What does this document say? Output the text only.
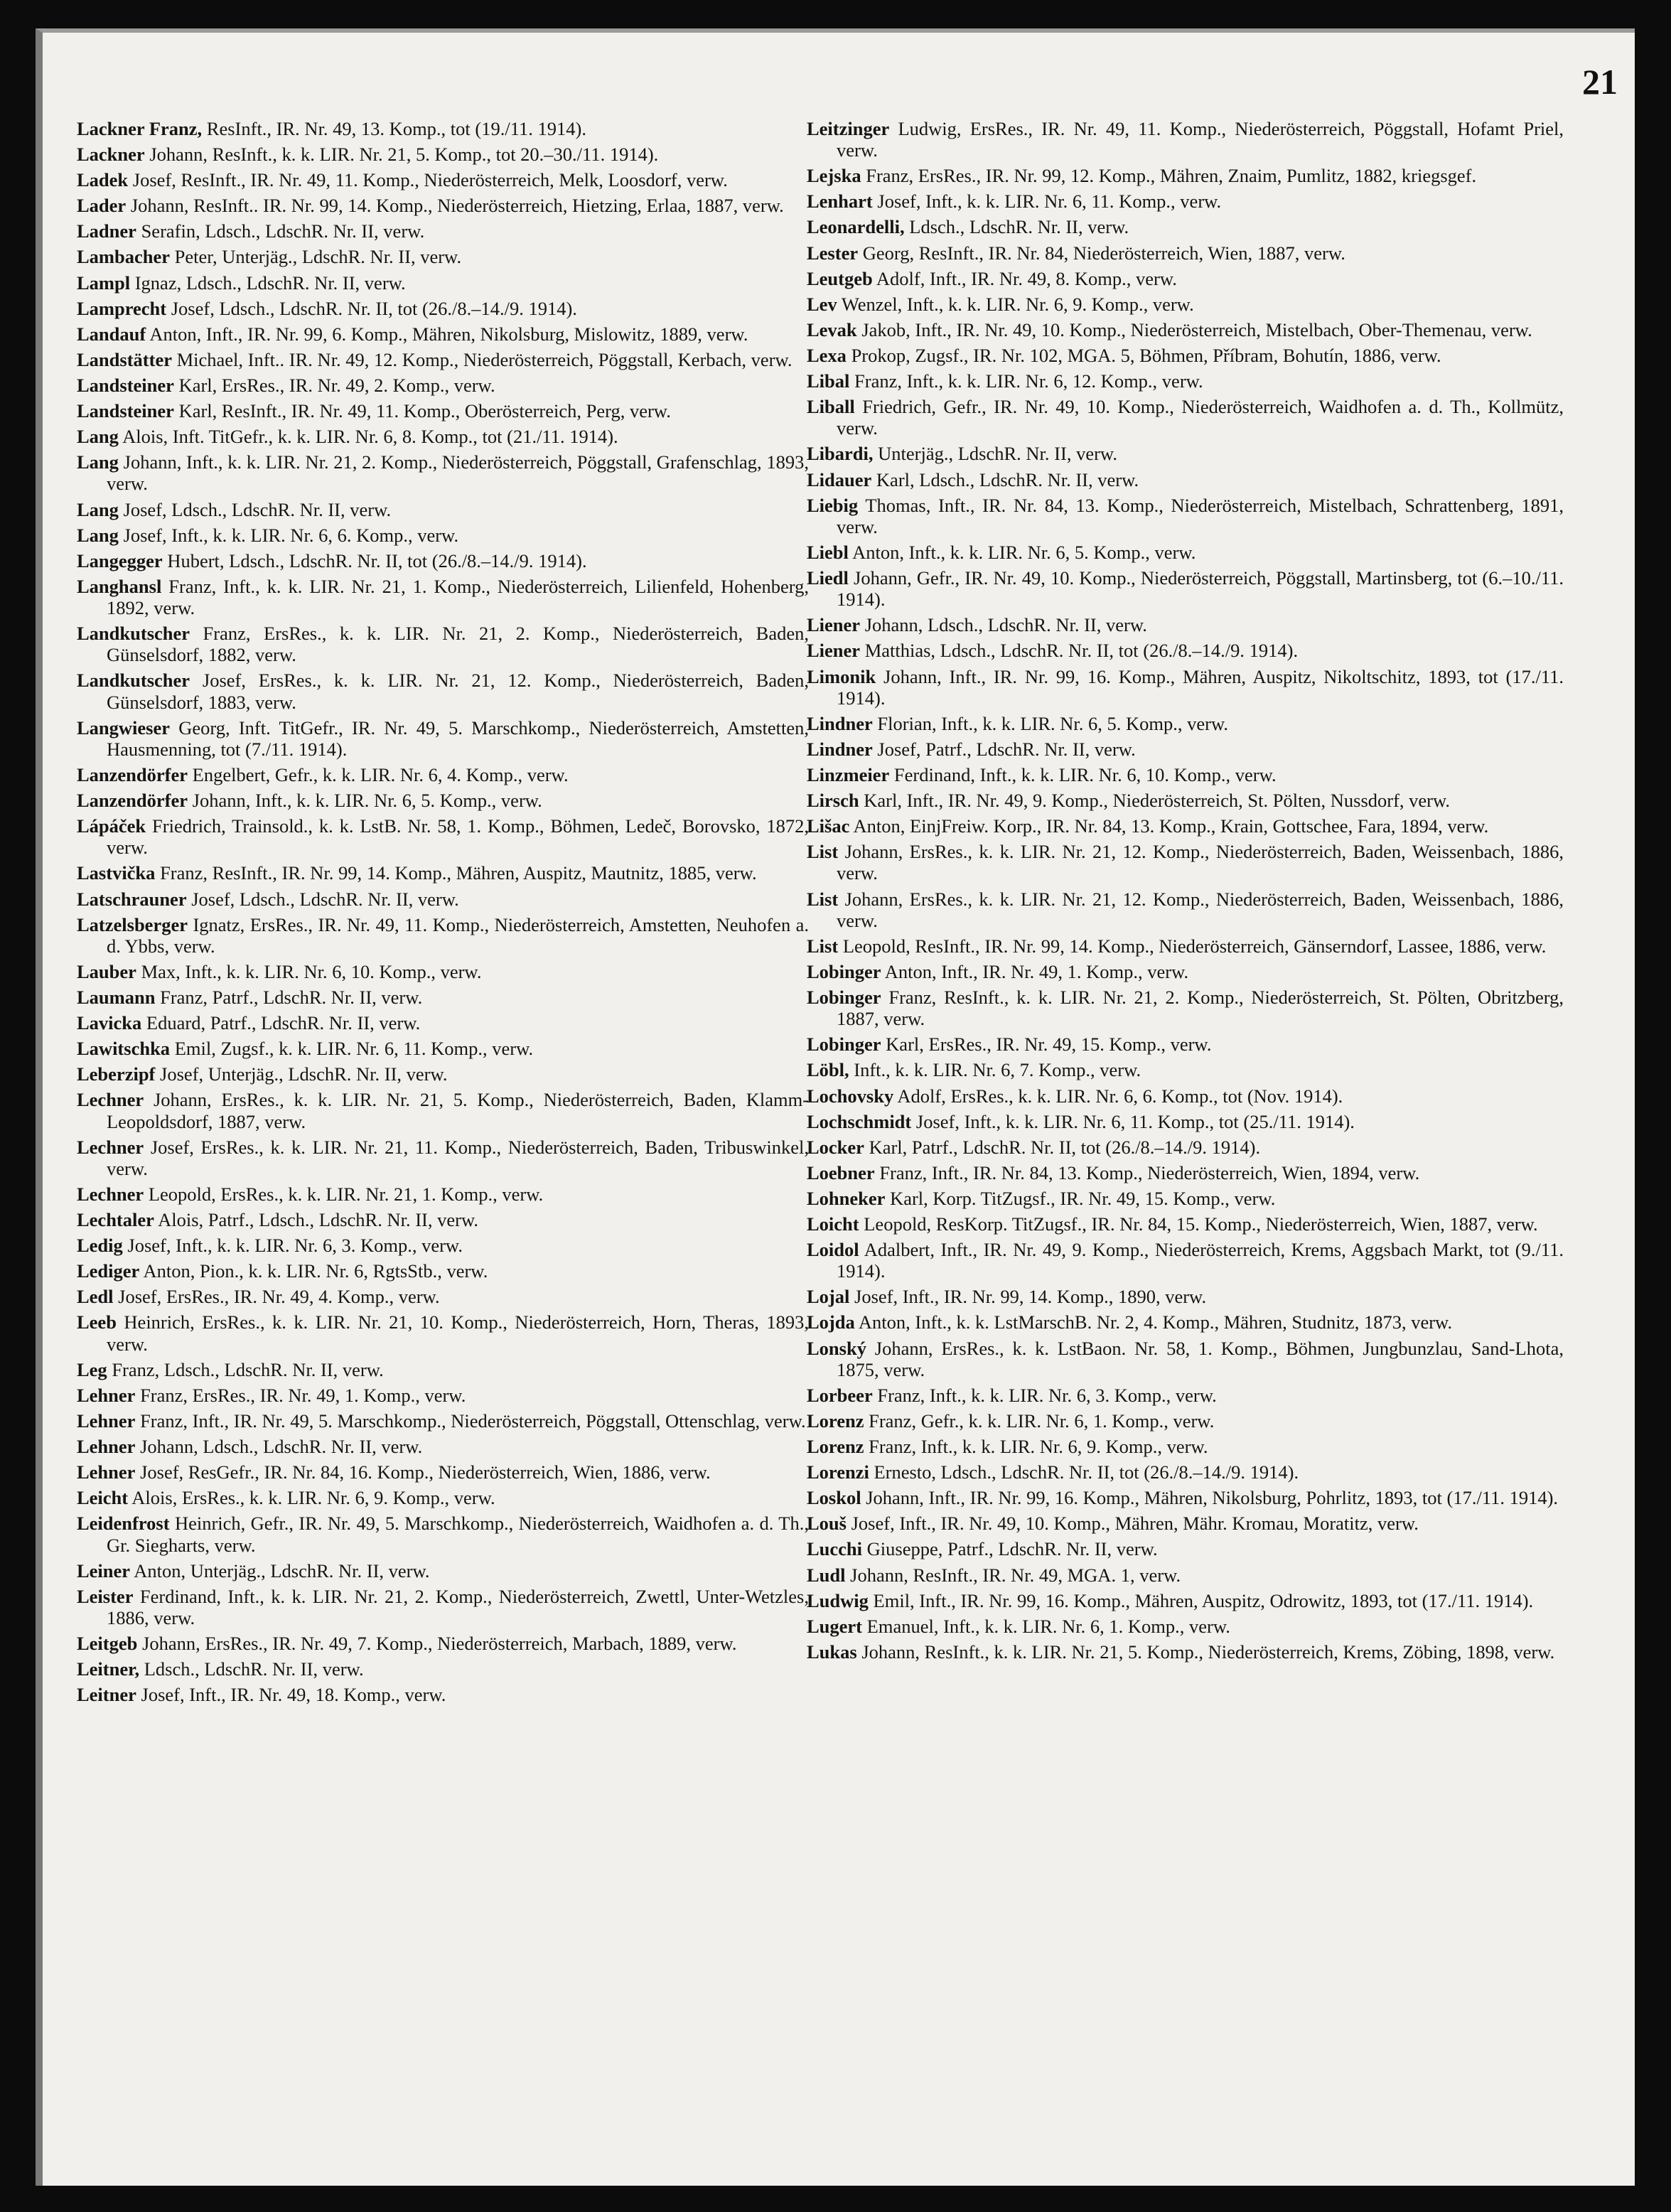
21
Lackner Franz, ResInft., IR. Nr. 49, 13. Komp., tot (19./11. 1914).
Lackner Johann, ResInft., k. k. LIR. Nr. 21, 5. Komp., tot 20.–30./11. 1914).
Ladek Josef, ResInft., IR. Nr. 49, 11. Komp., Niederösterreich, Melk, Loosdorf, verw.
Lader Johann, ResInft.. IR. Nr. 99, 14. Komp., Niederösterreich, Hietzing, Erlaa, 1887, verw.
Ladner Serafin, Ldsch., LdschR. Nr. II, verw.
Lambacher Peter, Unterjäg., LdschR. Nr. II, verw.
Lampl Ignaz, Ldsch., LdschR. Nr. II, verw.
Lamprecht Josef, Ldsch., LdschR. Nr. II, tot (26./8.–14./9. 1914).
Landauf Anton, Inft., IR. Nr. 99, 6. Komp., Mähren, Nikolsburg, Mislowitz, 1889, verw.
Landstätter Michael, Inft.. IR. Nr. 49, 12. Komp., Niederösterreich, Pöggstall, Kerbach, verw.
Landsteiner Karl, ErsRes., IR. Nr. 49, 2. Komp., verw.
Landsteiner Karl, ResInft., IR. Nr. 49, 11. Komp., Oberösterreich, Perg, verw.
Lang Alois, Inft. TitGefr., k. k. LIR. Nr. 6, 8. Komp., tot (21./11. 1914).
Lang Johann, Inft., k. k. LIR. Nr. 21, 2. Komp., Niederösterreich, Pöggstall, Grafenschlag, 1893, verw.
Lang Josef, Ldsch., LdschR. Nr. II, verw.
Lang Josef, Inft., k. k. LIR. Nr. 6, 6. Komp., verw.
Langegger Hubert, Ldsch., LdschR. Nr. II, tot (26./8.–14./9. 1914).
Langhansl Franz, Inft., k. k. LIR. Nr. 21, 1. Komp., Niederösterreich, Lilienfeld, Hohenberg, 1892, verw.
Landkutscher Franz, ErsRes., k. k. LIR. Nr. 21, 2. Komp., Niederösterreich, Baden, Günselsdorf, 1882, verw.
Landkutscher Josef, ErsRes., k. k. LIR. Nr. 21, 12. Komp., Niederösterreich, Baden, Günselsdorf, 1883, verw.
Langwieser Georg, Inft. TitGefr., IR. Nr. 49, 5. Marschkomp., Niederösterreich, Amstetten, Hausmenning, tot (7./11. 1914).
Lanzendörfer Engelbert, Gefr., k. k. LIR. Nr. 6, 4. Komp., verw.
Lanzendörfer Johann, Inft., k. k. LIR. Nr. 6, 5. Komp., verw.
Lápáček Friedrich, Trainsold., k. k. LstB. Nr. 58, 1. Komp., Böhmen, Ledeč, Borovsko, 1872, verw.
Lastvička Franz, ResInft., IR. Nr. 99, 14. Komp., Mähren, Auspitz, Mautnitz, 1885, verw.
Latschrauner Josef, Ldsch., LdschR. Nr. II, verw.
Latzelsberger Ignatz, ErsRes., IR. Nr. 49, 11. Komp., Niederösterreich, Amstetten, Neuhofen a. d. Ybbs, verw.
Lauber Max, Inft., k. k. LIR. Nr. 6, 10. Komp., verw.
Laumann Franz, Patrf., LdschR. Nr. II, verw.
Lavicka Eduard, Patrf., LdschR. Nr. II, verw.
Lawitschka Emil, Zugsf., k. k. LIR. Nr. 6, 11. Komp., verw.
Leberzipf Josef, Unterjäg., LdschR. Nr. II, verw.
Lechner Johann, ErsRes., k. k. LIR. Nr. 21, 5. Komp., Niederösterreich, Baden, Klamm-Leopoldsdorf, 1887, verw.
Lechner Josef, ErsRes., k. k. LIR. Nr. 21, 11. Komp., Niederösterreich, Baden, Tribuswinkel, verw.
Lechner Leopold, ErsRes., k. k. LIR. Nr. 21, 1. Komp., verw.
Lechtaler Alois, Patrf., Ldsch., LdschR. Nr. II, verw.
Ledig Josef, Inft., k. k. LIR. Nr. 6, 3. Komp., verw.
Lediger Anton, Pion., k. k. LIR. Nr. 6, RgtsStb., verw.
Ledl Josef, ErsRes., IR. Nr. 49, 4. Komp., verw.
Leeb Heinrich, ErsRes., k. k. LIR. Nr. 21, 10. Komp., Niederösterreich, Horn, Theras, 1893, verw.
Leg Franz, Ldsch., LdschR. Nr. II, verw.
Lehner Franz, ErsRes., IR. Nr. 49, 1. Komp., verw.
Lehner Franz, Inft., IR. Nr. 49, 5. Marschkomp., Niederösterreich, Pöggstall, Ottenschlag, verw.
Lehner Johann, Ldsch., LdschR. Nr. II, verw.
Lehner Josef, ResGefr., IR. Nr. 84, 16. Komp., Niederösterreich, Wien, 1886, verw.
Leicht Alois, ErsRes., k. k. LIR. Nr. 6, 9. Komp., verw.
Leidenfrost Heinrich, Gefr., IR. Nr. 49, 5. Marschkomp., Niederösterreich, Waidhofen a. d. Th., Gr. Siegharts, verw.
Leiner Anton, Unterjäg., LdschR. Nr. II, verw.
Leister Ferdinand, Inft., k. k. LIR. Nr. 21, 2. Komp., Niederösterreich, Zwettl, Unter-Wetzles, 1886, verw.
Leitgeb Johann, ErsRes., IR. Nr. 49, 7. Komp., Niederösterreich, Marbach, 1889, verw.
Leitner, Ldsch., LdschR. Nr. II, verw.
Leitner Josef, Inft., IR. Nr. 49, 18. Komp., verw.
Leitzinger Ludwig, ErsRes., IR. Nr. 49, 11. Komp., Niederösterreich, Pöggstall, Hofamt Priel, verw.
Lejska Franz, ErsRes., IR. Nr. 99, 12. Komp., Mähren, Znaim, Pumlitz, 1882, kriegsgef.
Lenhart Josef, Inft., k. k. LIR. Nr. 6, 11. Komp., verw.
Leonardelli, Ldsch., LdschR. Nr. II, verw.
Lester Georg, ResInft., IR. Nr. 84, Niederösterreich, Wien, 1887, verw.
Leutgeb Adolf, Inft., IR. Nr. 49, 8. Komp., verw.
Lev Wenzel, Inft., k. k. LIR. Nr. 6, 9. Komp., verw.
Levak Jakob, Inft., IR. Nr. 49, 10. Komp., Niederösterreich, Mistelbach, Ober-Themenau, verw.
Lexa Prokop, Zugsf., IR. Nr. 102, MGA. 5, Böhmen, Příbram, Bohutín, 1886, verw.
Libal Franz, Inft., k. k. LIR. Nr. 6, 12. Komp., verw.
Liball Friedrich, Gefr., IR. Nr. 49, 10. Komp., Niederösterreich, Waidhofen a. d. Th., Kollmütz, verw.
Libardi, Unterjäg., LdschR. Nr. II, verw.
Lidauer Karl, Ldsch., LdschR. Nr. II, verw.
Liebig Thomas, Inft., IR. Nr. 84, 13. Komp., Niederösterreich, Mistelbach, Schrattenberg, 1891, verw.
Liebl Anton, Inft., k. k. LIR. Nr. 6, 5. Komp., verw.
Liedl Johann, Gefr., IR. Nr. 49, 10. Komp., Niederösterreich, Pöggstall, Martinsberg, tot (6.–10./11. 1914).
Liener Johann, Ldsch., LdschR. Nr. II, verw.
Liener Matthias, Ldsch., LdschR. Nr. II, tot (26./8.–14./9. 1914).
Limonik Johann, Inft., IR. Nr. 99, 16. Komp., Mähren, Auspitz, Nikoltschitz, 1893, tot (17./11. 1914).
Lindner Florian, Inft., k. k. LIR. Nr. 6, 5. Komp., verw.
Lindner Josef, Patrf., LdschR. Nr. II, verw.
Linzmeier Ferdinand, Inft., k. k. LIR. Nr. 6, 10. Komp., verw.
Lirsch Karl, Inft., IR. Nr. 49, 9. Komp., Niederösterreich, St. Pölten, Nussdorf, verw.
Lišac Anton, EinjFreiw. Korp., IR. Nr. 84, 13. Komp., Krain, Gottschee, Fara, 1894, verw.
List Johann, ErsRes., k. k. LIR. Nr. 21, 12. Komp., Niederösterreich, Baden, Weissenbach, 1886, verw.
List Johann, ErsRes., k. k. LIR. Nr. 21, 12. Komp., Niederösterreich, Baden, Weissenbach, 1886, verw.
List Leopold, ResInft., IR. Nr. 99, 14. Komp., Niederösterreich, Gänserndorf, Lassee, 1886, verw.
Lobinger Anton, Inft., IR. Nr. 49, 1. Komp., verw.
Lobinger Franz, ResInft., k. k. LIR. Nr. 21, 2. Komp., Niederösterreich, St. Pölten, Obritzberg, 1887, verw.
Lobinger Karl, ErsRes., IR. Nr. 49, 15. Komp., verw.
Löbl, Inft., k. k. LIR. Nr. 6, 7. Komp., verw.
Lochovsky Adolf, ErsRes., k. k. LIR. Nr. 6, 6. Komp., tot (Nov. 1914).
Lochschmidt Josef, Inft., k. k. LIR. Nr. 6, 11. Komp., tot (25./11. 1914).
Locker Karl, Patrf., LdschR. Nr. II, tot (26./8.–14./9. 1914).
Loebner Franz, Inft., IR. Nr. 84, 13. Komp., Niederösterreich, Wien, 1894, verw.
Lohneker Karl, Korp. TitZugsf., IR. Nr. 49, 15. Komp., verw.
Loicht Leopold, ResKorp. TitZugsf., IR. Nr. 84, 15. Komp., Niederösterreich, Wien, 1887, verw.
Loidol Adalbert, Inft., IR. Nr. 49, 9. Komp., Niederösterreich, Krems, Aggsbach Markt, tot (9./11. 1914).
Lojal Josef, Inft., IR. Nr. 99, 14. Komp., 1890, verw.
Lojda Anton, Inft., k. k. LstMarschB. Nr. 2, 4. Komp., Mähren, Studnitz, 1873, verw.
Lonský Johann, ErsRes., k. k. LstBaon. Nr. 58, 1. Komp., Böhmen, Jungbunzlau, Sand-Lhota, 1875, verw.
Lorbeer Franz, Inft., k. k. LIR. Nr. 6, 3. Komp., verw.
Lorenz Franz, Gefr., k. k. LIR. Nr. 6, 1. Komp., verw.
Lorenz Franz, Inft., k. k. LIR. Nr. 6, 9. Komp., verw.
Lorenzi Ernesto, Ldsch., LdschR. Nr. II, tot (26./8.–14./9. 1914).
Loskol Johann, Inft., IR. Nr. 99, 16. Komp., Mähren, Nikolsburg, Pohrlitz, 1893, tot (17./11. 1914).
Louš Josef, Inft., IR. Nr. 49, 10. Komp., Mähren, Mähr. Kromau, Moratitz, verw.
Lucchi Giuseppe, Patrf., LdschR. Nr. II, verw.
Ludl Johann, ResInft., IR. Nr. 49, MGA. 1, verw.
Ludwig Emil, Inft., IR. Nr. 99, 16. Komp., Mähren, Auspitz, Odrowitz, 1893, tot (17./11. 1914).
Lugert Emanuel, Inft., k. k. LIR. Nr. 6, 1. Komp., verw.
Lukas Johann, ResInft., k. k. LIR. Nr. 21, 5. Komp., Niederösterreich, Krems, Zöbing, 1898, verw.
